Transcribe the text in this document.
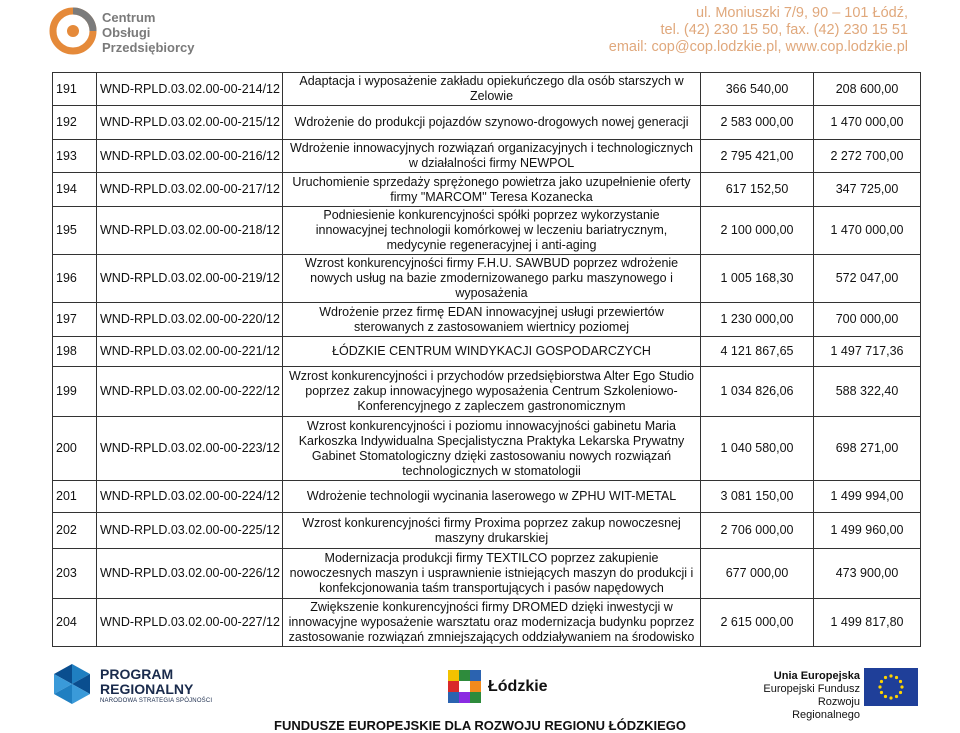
Centrum
Obsługi
Przedsiębiorcy
ul. Moniuszki 7/9, 90 – 101 Łódź,
tel. (42) 230 15 50, fax. (42) 230 15 51
email: cop@cop.lodzkie.pl, www.cop.lodzkie.pl
191	WND-RPLD.03.02.00-00-214/12	Adaptacja i wyposażenie zakładu opiekuńczego dla osób starszych w Zelowie	366 540,00	208 600,00
192	WND-RPLD.03.02.00-00-215/12	Wdrożenie do produkcji pojazdów szynowo-drogowych nowej generacji	2 583 000,00	1 470 000,00
193	WND-RPLD.03.02.00-00-216/12	Wdrożenie innowacyjnych rozwiązań organizacyjnych i technologicznych w działalności firmy NEWPOL	2 795 421,00	2 272 700,00
194	WND-RPLD.03.02.00-00-217/12	Uruchomienie sprzedaży sprężonego powietrza jako uzupełnienie oferty firmy "MARCOM" Teresa Kozanecka	617 152,50	347 725,00
195	WND-RPLD.03.02.00-00-218/12	Podniesienie konkurencyjności spółki poprzez wykorzystanie innowacyjnej technologii komórkowej w leczeniu bariatrycznym, medycynie regeneracyjnej i anti-aging	2 100 000,00	1 470 000,00
196	WND-RPLD.03.02.00-00-219/12	Wzrost konkurencyjności firmy F.H.U. SAWBUD poprzez wdrożenie nowych usług na bazie zmodernizowanego parku maszynowego i wyposażenia	1 005 168,30	572 047,00
197	WND-RPLD.03.02.00-00-220/12	Wdrożenie przez firmę EDAN innowacyjnej usługi przewiertów sterowanych z zastosowaniem wiertnicy poziomej	1 230 000,00	700 000,00
198	WND-RPLD.03.02.00-00-221/12	ŁÓDZKIE CENTRUM WINDYKACJI GOSPODARCZYCH	4 121 867,65	1 497 717,36
199	WND-RPLD.03.02.00-00-222/12	Wzrost konkurencyjności i przychodów przedsiębiorstwa Alter Ego Studio poprzez zakup innowacyjnego wyposażenia Centrum Szkoleniowo-Konferencyjnego z zapleczem gastronomicznym	1 034 826,06	588 322,40
200	WND-RPLD.03.02.00-00-223/12	Wzrost konkurencyjności i poziomu innowacyjności gabinetu Maria Karkoszka Indywidualna Specjalistyczna Praktyka Lekarska Prywatny Gabinet Stomatologiczny dzięki zastosowaniu nowych rozwiązań technologicznych w stomatologii	1 040 580,00	698 271,00
201	WND-RPLD.03.02.00-00-224/12	Wdrożenie technologii wycinania laserowego w ZPHU WIT-METAL	3 081 150,00	1 499 994,00
202	WND-RPLD.03.02.00-00-225/12	Wzrost konkurencyjności firmy Proxima poprzez zakup nowoczesnej maszyny drukarskiej	2 706 000,00	1 499 960,00
203	WND-RPLD.03.02.00-00-226/12	Modernizacja produkcji firmy TEXTILCO poprzez zakupienie nowoczesnych maszyn i usprawnienie istniejących maszyn do produkcji i konfekcjonowania taśm transportujących i pasów napędowych	677 000,00	473 900,00
204	WND-RPLD.03.02.00-00-227/12	Zwiększenie konkurencyjności firmy DROMED dzięki inwestycji w innowacyjne wyposażenie warsztatu oraz modernizacja budynku poprzez zastosowanie rozwiązań zmniejszających oddziaływaniem na środowisko	2 615 000,00	1 499 817,80
PROGRAM
REGIONALNY
NARODOWA STRATEGIA SPÓJNOŚCI
Łódzkie
Unia Europejska
Europejski Fundusz
Rozwoju Regionalnego
FUNDUSZE EUROPEJSKIE DLA ROZWOJU REGIONU ŁÓDZKIEGO
